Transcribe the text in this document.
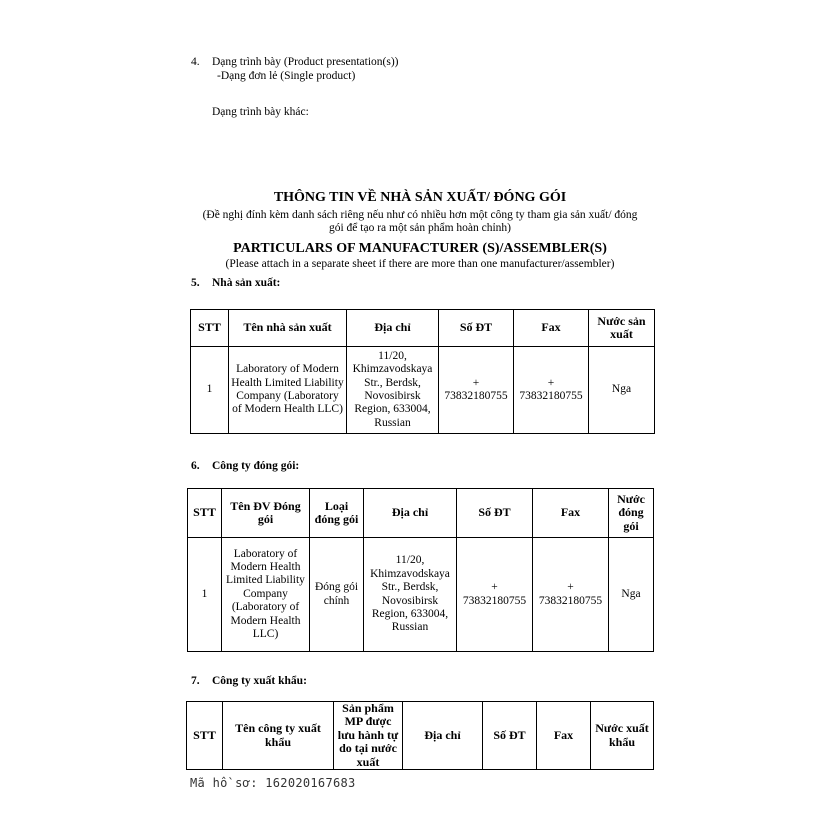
4. Dạng trình bày (Product presentation(s))
-Dạng đơn lẻ (Single product)
Dạng trình bày khác:
THÔNG TIN VỀ NHÀ SẢN XUẤT/ ĐÓNG GÓI
(Đề nghị đính kèm danh sách riêng nếu như có nhiều hơn một công ty tham gia sản xuất/ đóng
gói để tạo ra một sản phẩm hoàn chỉnh)
PARTICULARS OF MANUFACTURER (S)/ASSEMBLER(S)
(Please attach in a separate sheet if there are more than one manufacturer/assembler)
5. Nhà sản xuất:
STT	Tên nhà sản xuất	Địa chỉ	Số ĐT	Fax	Nước sản xuất
1	Laboratory of Modern Health Limited Liability Company (Laboratory of Modern Health LLC)	11/20, Khimzavodskaya Str., Berdsk, Novosibirsk Region, 633004, Russian	+ 73832180755	+ 73832180755	Nga
6. Công ty đóng gói:
STT	Tên ĐV Đóng gói	Loại đóng gói	Địa chỉ	Số ĐT	Fax	Nước đóng gói
1	Laboratory of Modern Health Limited Liability Company (Laboratory of Modern Health LLC)	Đóng gói chính	11/20, Khimzavodskaya Str., Berdsk, Novosibirsk Region, 633004, Russian	+ 73832180755	+ 73832180755	Nga
7. Công ty xuất khẩu:
STT	Tên công ty xuất khẩu	Sản phẩm MP được lưu hành tự do tại nước xuất	Địa chỉ	Số ĐT	Fax	Nước xuất khẩu
Mã hồ sơ: 162020167683
